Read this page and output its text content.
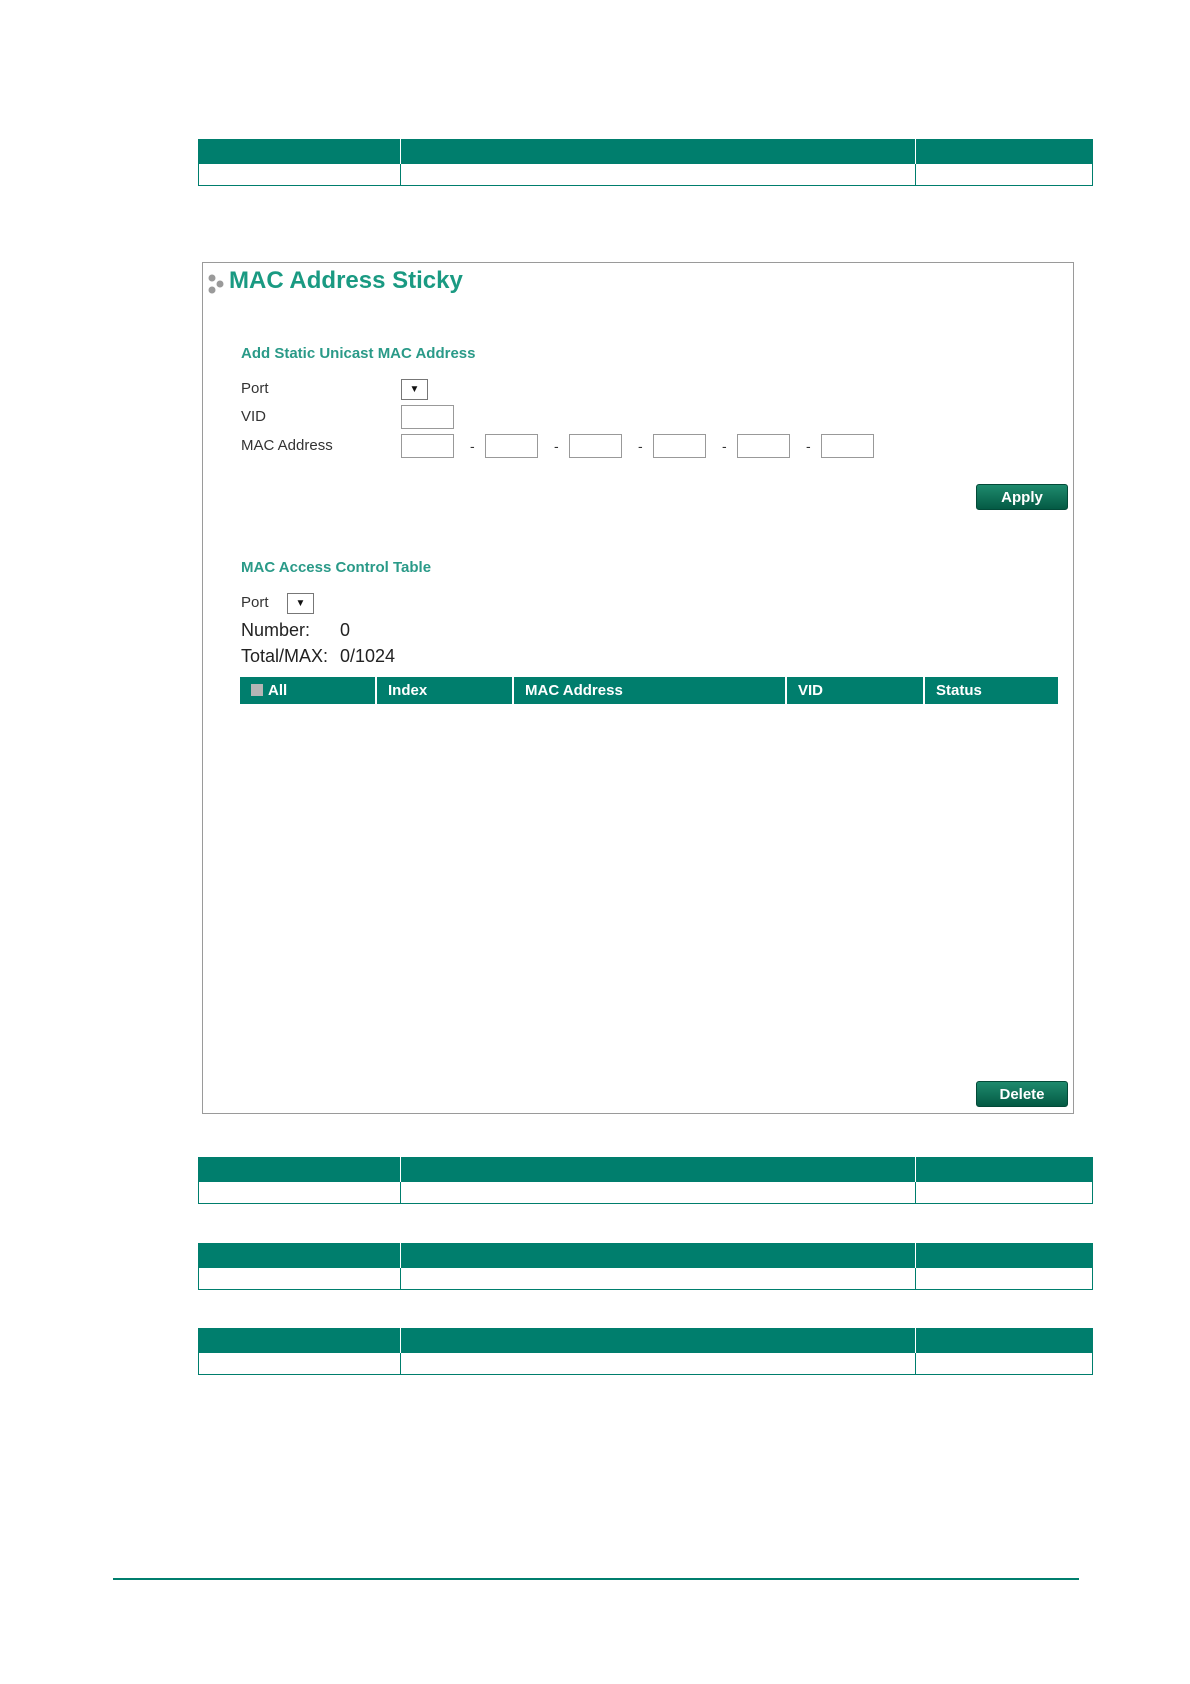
MAC Address Sticky
Add Static Unicast MAC Address
Port	▼
VID
MAC Address	-	-	-	-	-
Apply
MAC Access Control Table
Port	▼
Number: 0
Total/MAX: 0/1024
All	Index	MAC Address	VID	Status
Delete
